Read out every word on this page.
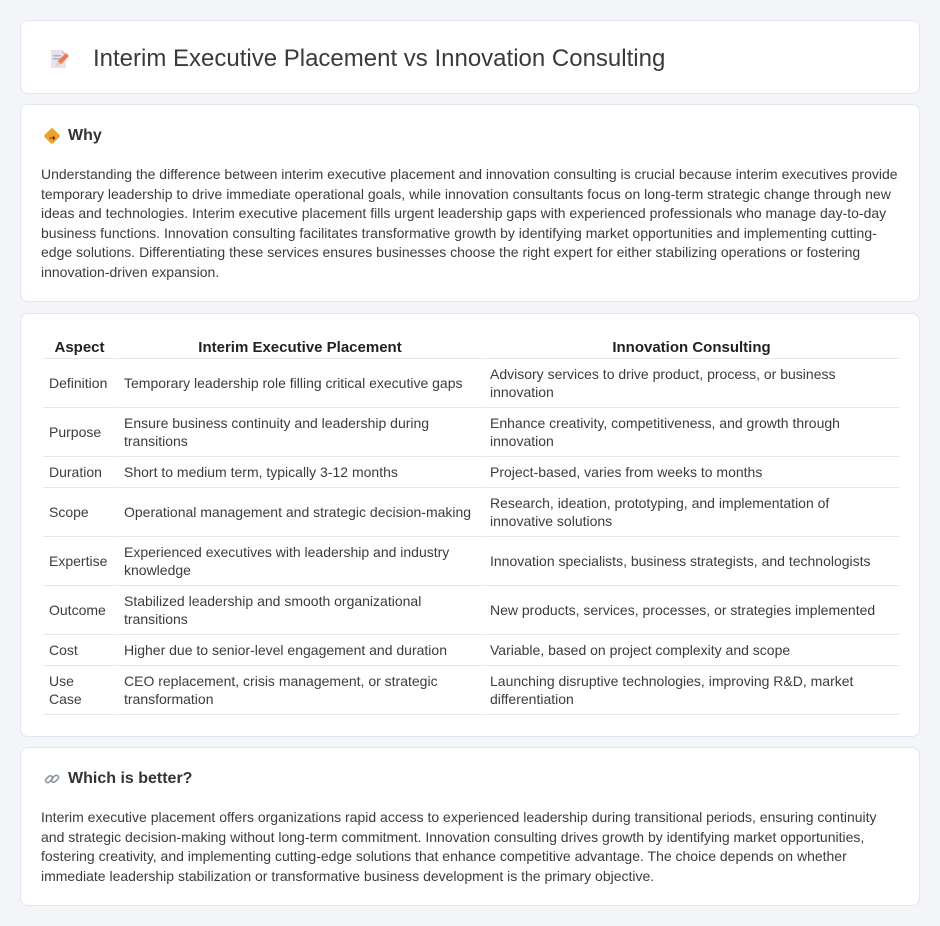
Interim Executive Placement vs Innovation Consulting
Why

Understanding the difference between interim executive placement and innovation consulting is crucial because interim executives provide temporary leadership to drive immediate operational goals, while innovation consultants focus on long-term strategic change through new ideas and technologies. Interim executive placement fills urgent leadership gaps with experienced professionals who manage day-to-day business functions. Innovation consulting facilitates transformative growth by identifying market opportunities and implementing cutting-edge solutions. Differentiating these services ensures businesses choose the right expert for either stabilizing operations or fostering innovation-driven expansion.

Aspect	Interim Executive Placement	Innovation Consulting
Definition	Temporary leadership role filling critical executive gaps	Advisory services to drive product, process, or business innovation
Purpose	Ensure business continuity and leadership during transitions	Enhance creativity, competitiveness, and growth through innovation
Duration	Short to medium term, typically 3-12 months	Project-based, varies from weeks to months
Scope	Operational management and strategic decision-making	Research, ideation, prototyping, and implementation of innovative solutions
Expertise	Experienced executives with leadership and industry knowledge	Innovation specialists, business strategists, and technologists
Outcome	Stabilized leadership and smooth organizational transitions	New products, services, processes, or strategies implemented
Cost	Higher due to senior-level engagement and duration	Variable, based on project complexity and scope
Use Case	CEO replacement, crisis management, or strategic transformation	Launching disruptive technologies, improving R&D, market differentiation
Which is better?

Interim executive placement offers organizations rapid access to experienced leadership during transitional periods, ensuring continuity and strategic decision-making without long-term commitment. Innovation consulting drives growth by identifying market opportunities, fostering creativity, and implementing cutting-edge solutions that enhance competitive advantage. The choice depends on whether immediate leadership stabilization or transformative business development is the primary objective.
